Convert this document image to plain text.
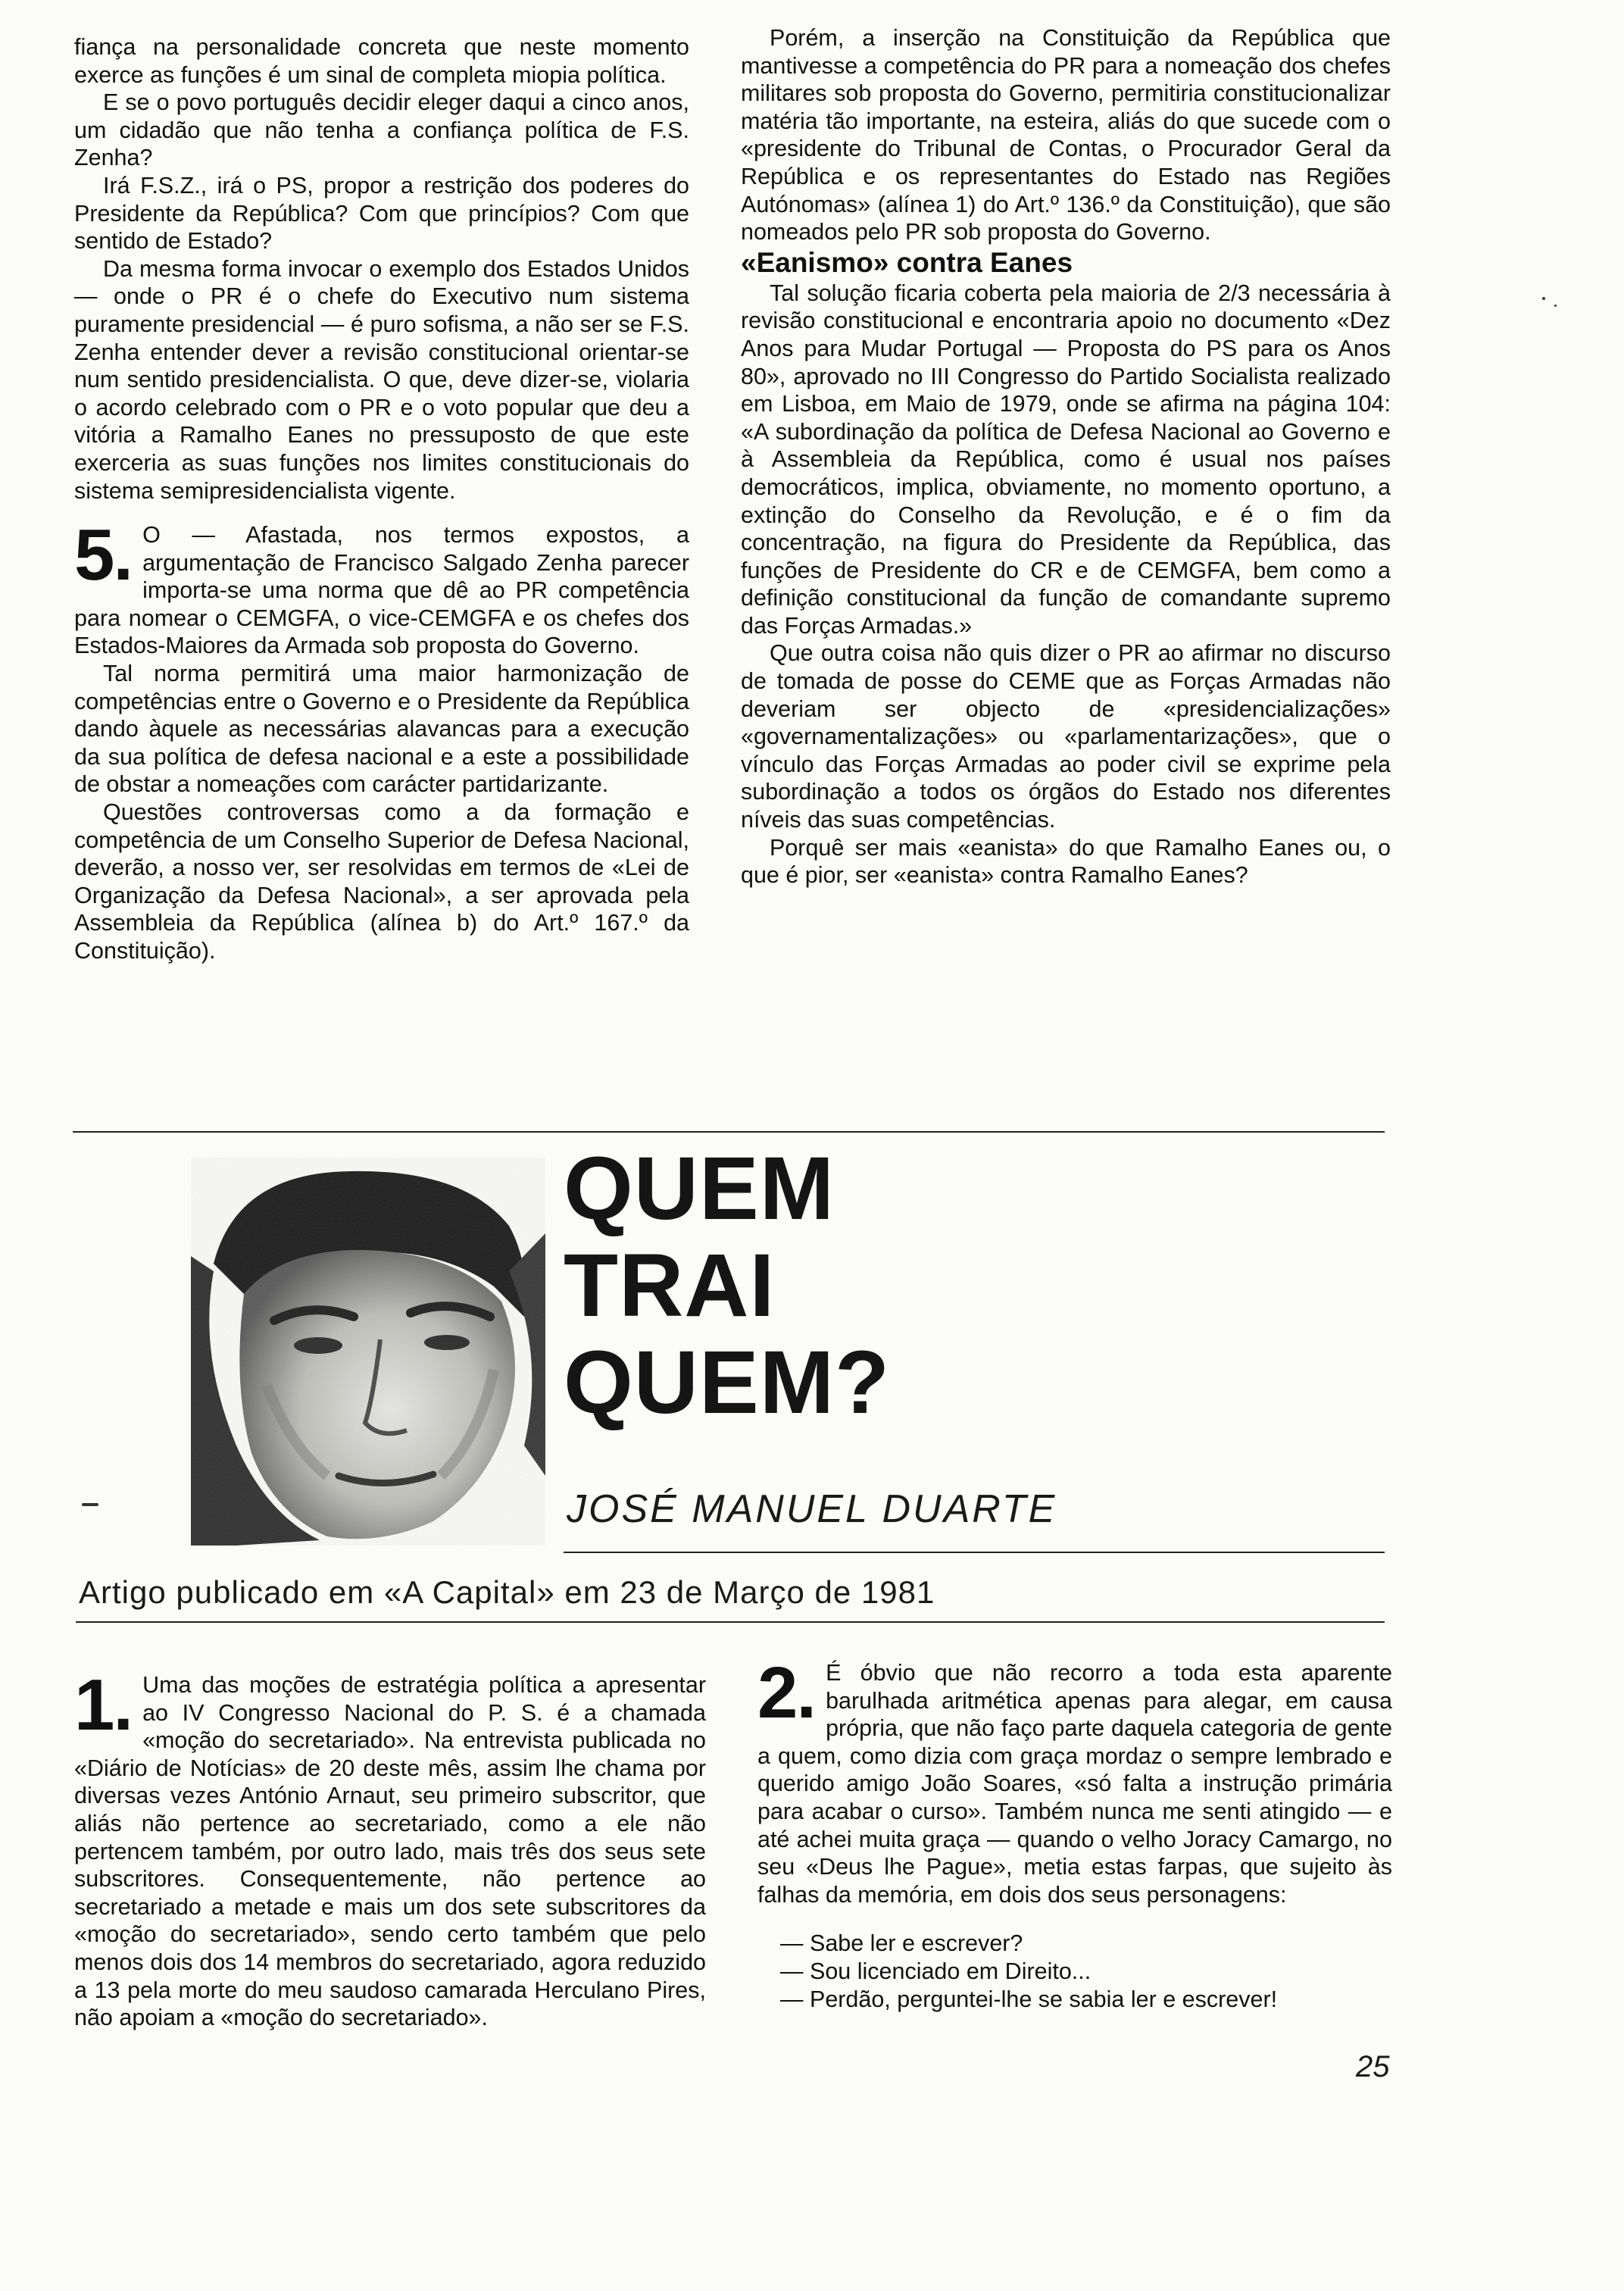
fiança na personalidade concreta que neste momento exerce as funções é um sinal de completa miopia política.

E se o povo português decidir eleger daqui a cinco anos, um cidadão que não tenha a confiança política de F.S. Zenha?

Irá F.S.Z., irá o PS, propor a restrição dos poderes do Presidente da República? Com que princípios? Com que sentido de Estado?

Da mesma forma invocar o exemplo dos Estados Unidos — onde o PR é o chefe do Executivo num sistema puramente presidencial — é puro sofisma, a não ser se F.S. Zenha entender dever a revisão constitucional orientar-se num sentido presidencialista. O que, deve dizer-se, violaria o acordo celebrado com o PR e o voto popular que deu a vitória a Ramalho Eanes no pressuposto de que este exerceria as suas funções nos limites constitucionais do sistema semipresidencialista vigente.

5. O — Afastada, nos termos expostos, a argumentação de Francisco Salgado Zenha parecer importa-se uma norma que dê ao PR competência para nomear o CEMGFA, o vice-CEMGFA e os chefes dos Estados-Maiores da Armada sob proposta do Governo.

Tal norma permitirá uma maior harmonização de competências entre o Governo e o Presidente da República dando àquele as necessárias alavancas para a execução da sua política de defesa nacional e a este a possibilidade de obstar a nomeações com carácter partidarizante.

Questões controversas como a da formação e competência de um Conselho Superior de Defesa Nacional, deverão, a nosso ver, ser resolvidas em termos de «Lei de Organização da Defesa Nacional», a ser aprovada pela Assembleia da República (alínea b) do Art.º 167.º da Constituição).

Porém, a inserção na Constituição da República que mantivesse a competência do PR para a nomeação dos chefes militares sob proposta do Governo, permitiria constitucionalizar matéria tão importante, na esteira, aliás do que sucede com o «presidente do Tribunal de Contas, o Procurador Geral da República e os representantes do Estado nas Regiões Autónomas» (alínea 1) do Art.º 136.º da Constituição), que são nomeados pelo PR sob proposta do Governo.

«Eanismo» contra Eanes

Tal solução ficaria coberta pela maioria de 2/3 necessária à revisão constitucional e encontraria apoio no documento «Dez Anos para Mudar Portugal — Proposta do PS para os Anos 80», aprovado no III Congresso do Partido Socialista realizado em Lisboa, em Maio de 1979, onde se afirma na página 104: «A subordinação da política de Defesa Nacional ao Governo e à Assembleia da República, como é usual nos países democráticos, implica, obviamente, no momento oportuno, a extinção do Conselho da Revolução, e é o fim da concentração, na figura do Presidente da República, das funções de Presidente do CR e de CEMGFA, bem como a definição constitucional da função de comandante supremo das Forças Armadas.»

Que outra coisa não quis dizer o PR ao afirmar no discurso de tomada de posse do CEME que as Forças Armadas não deveriam ser objecto de «presidencializações» «governamentalizações» ou «parlamentarizações», que o vínculo das Forças Armadas ao poder civil se exprime pela subordinação a todos os órgãos do Estado nos diferentes níveis das suas competências.

Porquê ser mais «eanista» do que Ramalho Eanes ou, o que é pior, ser «eanista» contra Ramalho Eanes?

QUEM
TRAI
QUEM?
JOSÉ MANUEL DUARTE
Artigo publicado em «A Capital» em 23 de Março de 1981

1. Uma das moções de estratégia política a apresentar ao IV Congresso Nacional do P. S. é a chamada «moção do secretariado». Na entrevista publicada no «Diário de Notícias» de 20 deste mês, assim lhe chama por diversas vezes António Arnaut, seu primeiro subscritor, que aliás não pertence ao secretariado, como a ele não pertencem também, por outro lado, mais três dos seus sete subscritores. Consequentemente, não pertence ao secretariado a metade e mais um dos sete subscritores da «moção do secretariado», sendo certo também que pelo menos dois dos 14 membros do secretariado, agora reduzido a 13 pela morte do meu saudoso camarada Herculano Pires, não apoiam a «moção do secretariado».

2. É óbvio que não recorro a toda esta aparente barulhada aritmética apenas para alegar, em causa própria, que não faço parte daquela categoria de gente a quem, como dizia com graça mordaz o sempre lembrado e querido amigo João Soares, «só falta a instrução primária para acabar o curso». Também nunca me senti atingido — e até achei muita graça — quando o velho Joracy Camargo, no seu «Deus lhe Pague», metia estas farpas, que sujeito às falhas da memória, em dois dos seus personagens:

— Sabe ler e escrever?
— Sou licenciado em Direito...
— Perdão, perguntei-lhe se sabia ler e escrever!
25
